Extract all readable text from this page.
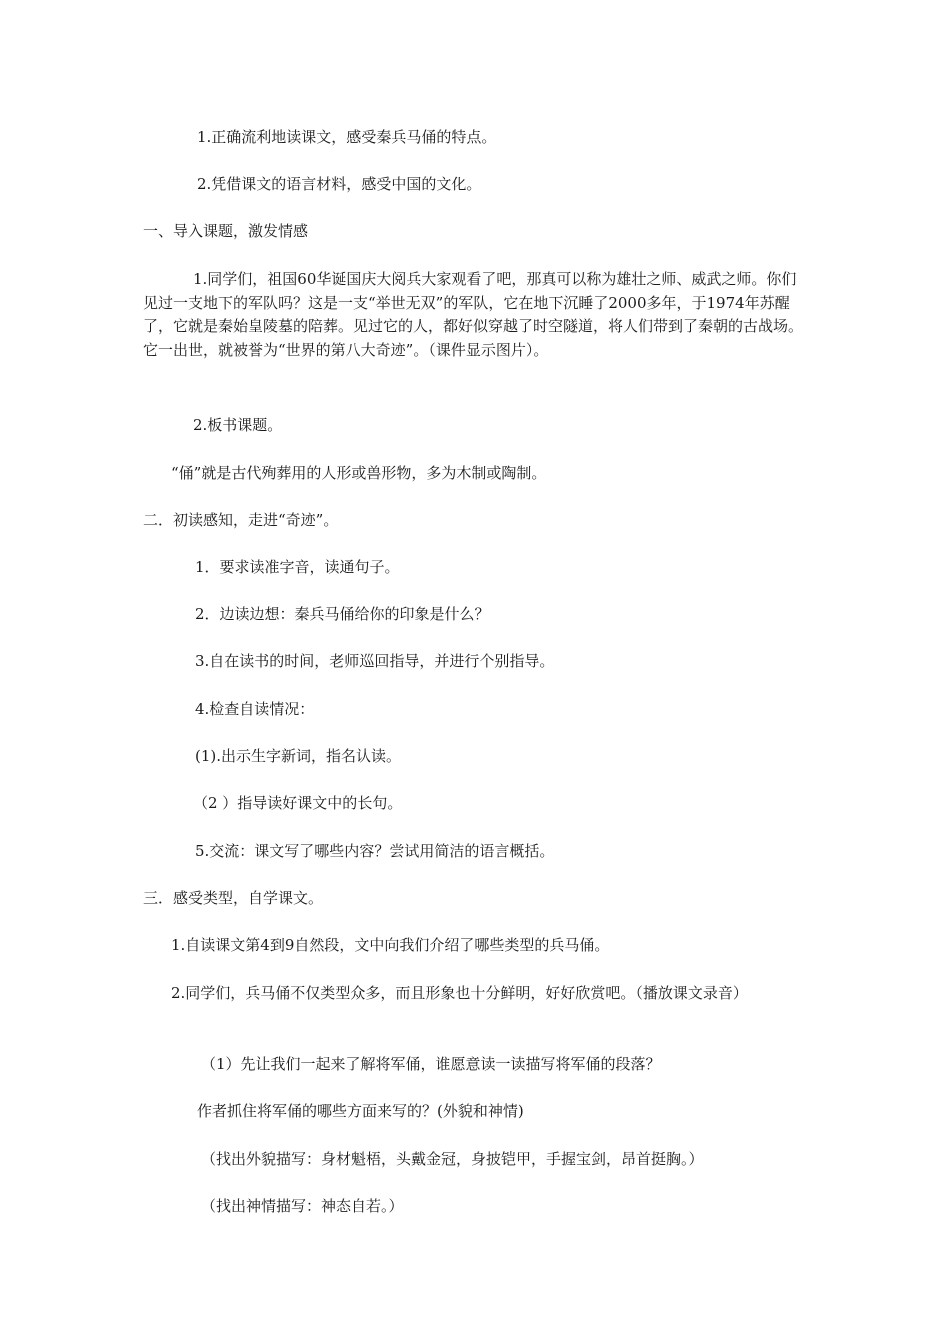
1.正确流利地读课文，感受秦兵马俑的特点。

2.凭借课文的语言材料，感受中国的文化。

一、导入课题，激发情感

1.同学们，祖国60华诞国庆大阅兵大家观看了吧，那真可以称为雄壮之师、威武之师。你们见过一支地下的军队吗？这是一支“举世无双”的军队，它在地下沉睡了2000多年，于1974年苏醒了，它就是秦始皇陵墓的陪葬。见过它的人，都好似穿越了时空隧道，将人们带到了秦朝的古战场。它一出世，就被誉为“世界的第八大奇迹”。（课件显示图片）。

2.板书课题。

“俑”就是古代殉葬用的人形或兽形物，多为木制或陶制。

二．初读感知，走进“奇迹”。

1．要求读准字音，读通句子。

2．边读边想：秦兵马俑给你的印象是什么？

3.自在读书的时间，老师巡回指导，并进行个别指导。

4.检查自读情况：

(1).出示生字新词，指名认读。

（2 ）指导读好课文中的长句。

5.交流：课文写了哪些内容？尝试用简洁的语言概括。

三．感受类型，自学课文。

1.自读课文第4到9自然段，文中向我们介绍了哪些类型的兵马俑。

2.同学们，兵马俑不仅类型众多，而且形象也十分鲜明，好好欣赏吧。（播放课文录音）

（1）先让我们一起来了解将军俑，谁愿意读一读描写将军俑的段落？

作者抓住将军俑的哪些方面来写的？(外貌和神情)

（找出外貌描写：身材魁梧，头戴金冠，身披铠甲，手握宝剑，昂首挺胸。）

（找出神情描写：神态自若。）
